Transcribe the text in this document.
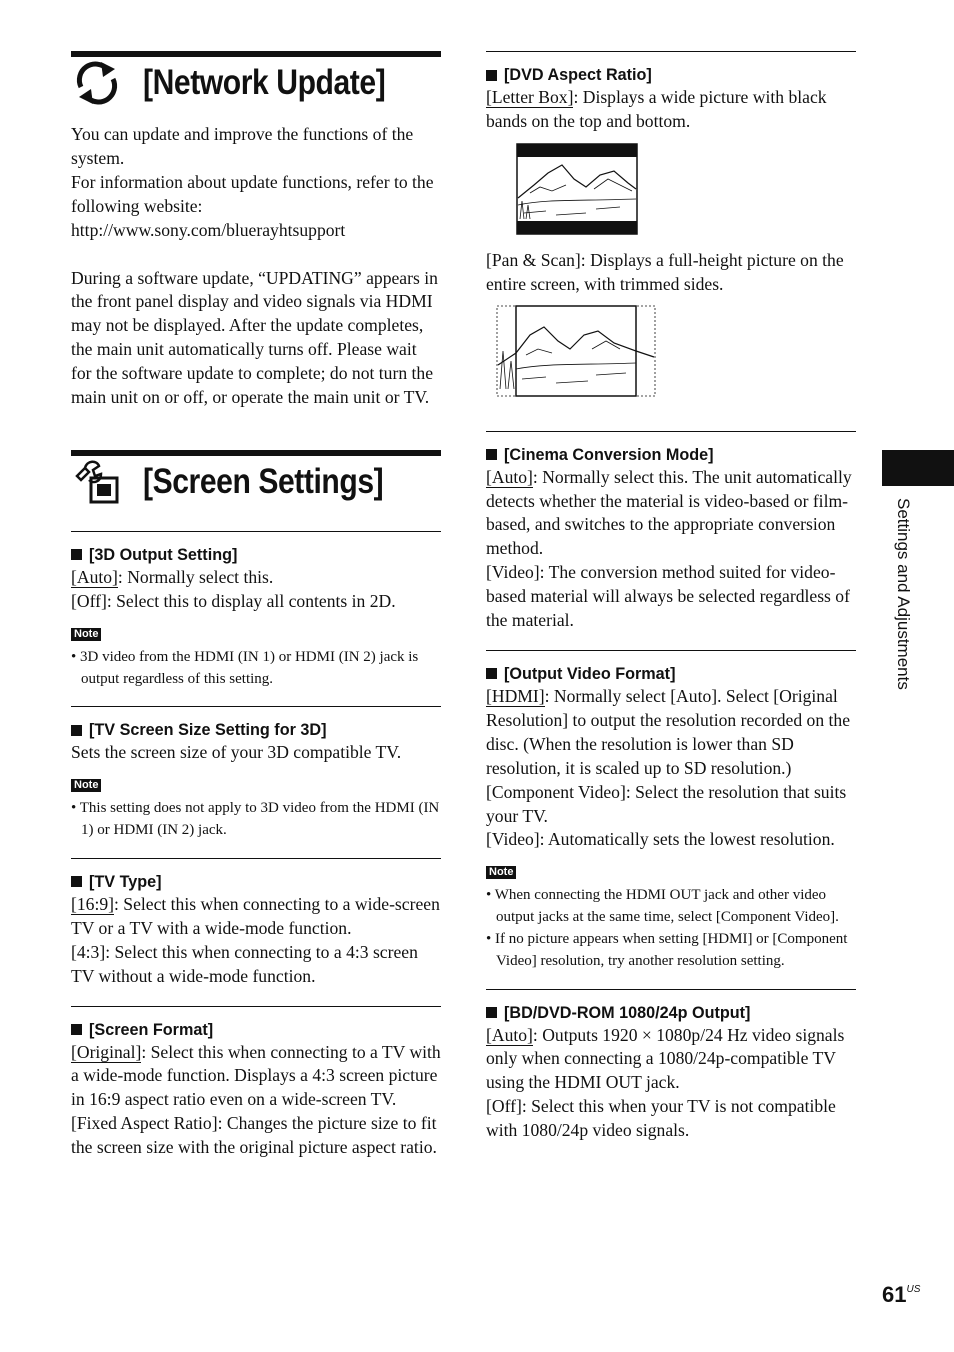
[Network Update]

You can update and improve the functions of the system.

For information about update functions, refer to the following website:

http://www.sony.com/bluerayhtsupport

During a software update, “UPDATING” appears in the front panel display and video signals via HDMI may not be displayed. After the update completes, the main unit automatically turns off. Please wait for the software update to complete; do not turn the main unit on or off, or operate the main unit or TV.

[Screen Settings]
[3D Output Setting]

[Auto]: Normally select this.

[Off]: Select this to display all contents in 2D.

Note
• 3D video from the HDMI (IN 1) or HDMI (IN 2) jack is output regardless of this setting.
[TV Screen Size Setting for 3D]

Sets the screen size of your 3D compatible TV.

Note
• This setting does not apply to 3D video from the HDMI (IN 1) or HDMI (IN 2) jack.
[TV Type]

[16:9]: Select this when connecting to a wide-screen TV or a TV with a wide-mode function.

[4:3]: Select this when connecting to a 4:3 screen TV without a wide-mode function.

[Screen Format]

[Original]: Select this when connecting to a TV with a wide-mode function. Displays a 4:3 screen picture in 16:9 aspect ratio even on a wide-screen TV.

[Fixed Aspect Ratio]: Changes the picture size to fit the screen size with the original picture aspect ratio.

[DVD Aspect Ratio]

[Letter Box]: Displays a wide picture with black bands on the top and bottom.

[Pan & Scan]: Displays a full-height picture on the entire screen, with trimmed sides.

[Cinema Conversion Mode]

[Auto]: Normally select this. The unit automatically detects whether the material is video-based or film-based, and switches to the appropriate conversion method.

[Video]: The conversion method suited for video-based material will always be selected regardless of the material.

[Output Video Format]

[HDMI]: Normally select [Auto]. Select [Original Resolution] to output the resolution recorded on the disc. (When the resolution is lower than SD resolution, it is scaled up to SD resolution.)

[Component Video]: Select the resolution that suits your TV.

[Video]: Automatically sets the lowest resolution.

Note
• When connecting the HDMI OUT jack and other video output jacks at the same time, select [Component Video].
• If no picture appears when setting [HDMI] or [Component Video] resolution, try another resolution setting.
[BD/DVD-ROM 1080/24p Output]

[Auto]: Outputs 1920 × 1080p/24 Hz video signals only when connecting a 1080/24p-compatible TV using the HDMI OUT jack.

[Off]: Select this when your TV is not compatible with 1080/24p video signals.

Settings and Adjustments
$61^{US}$
